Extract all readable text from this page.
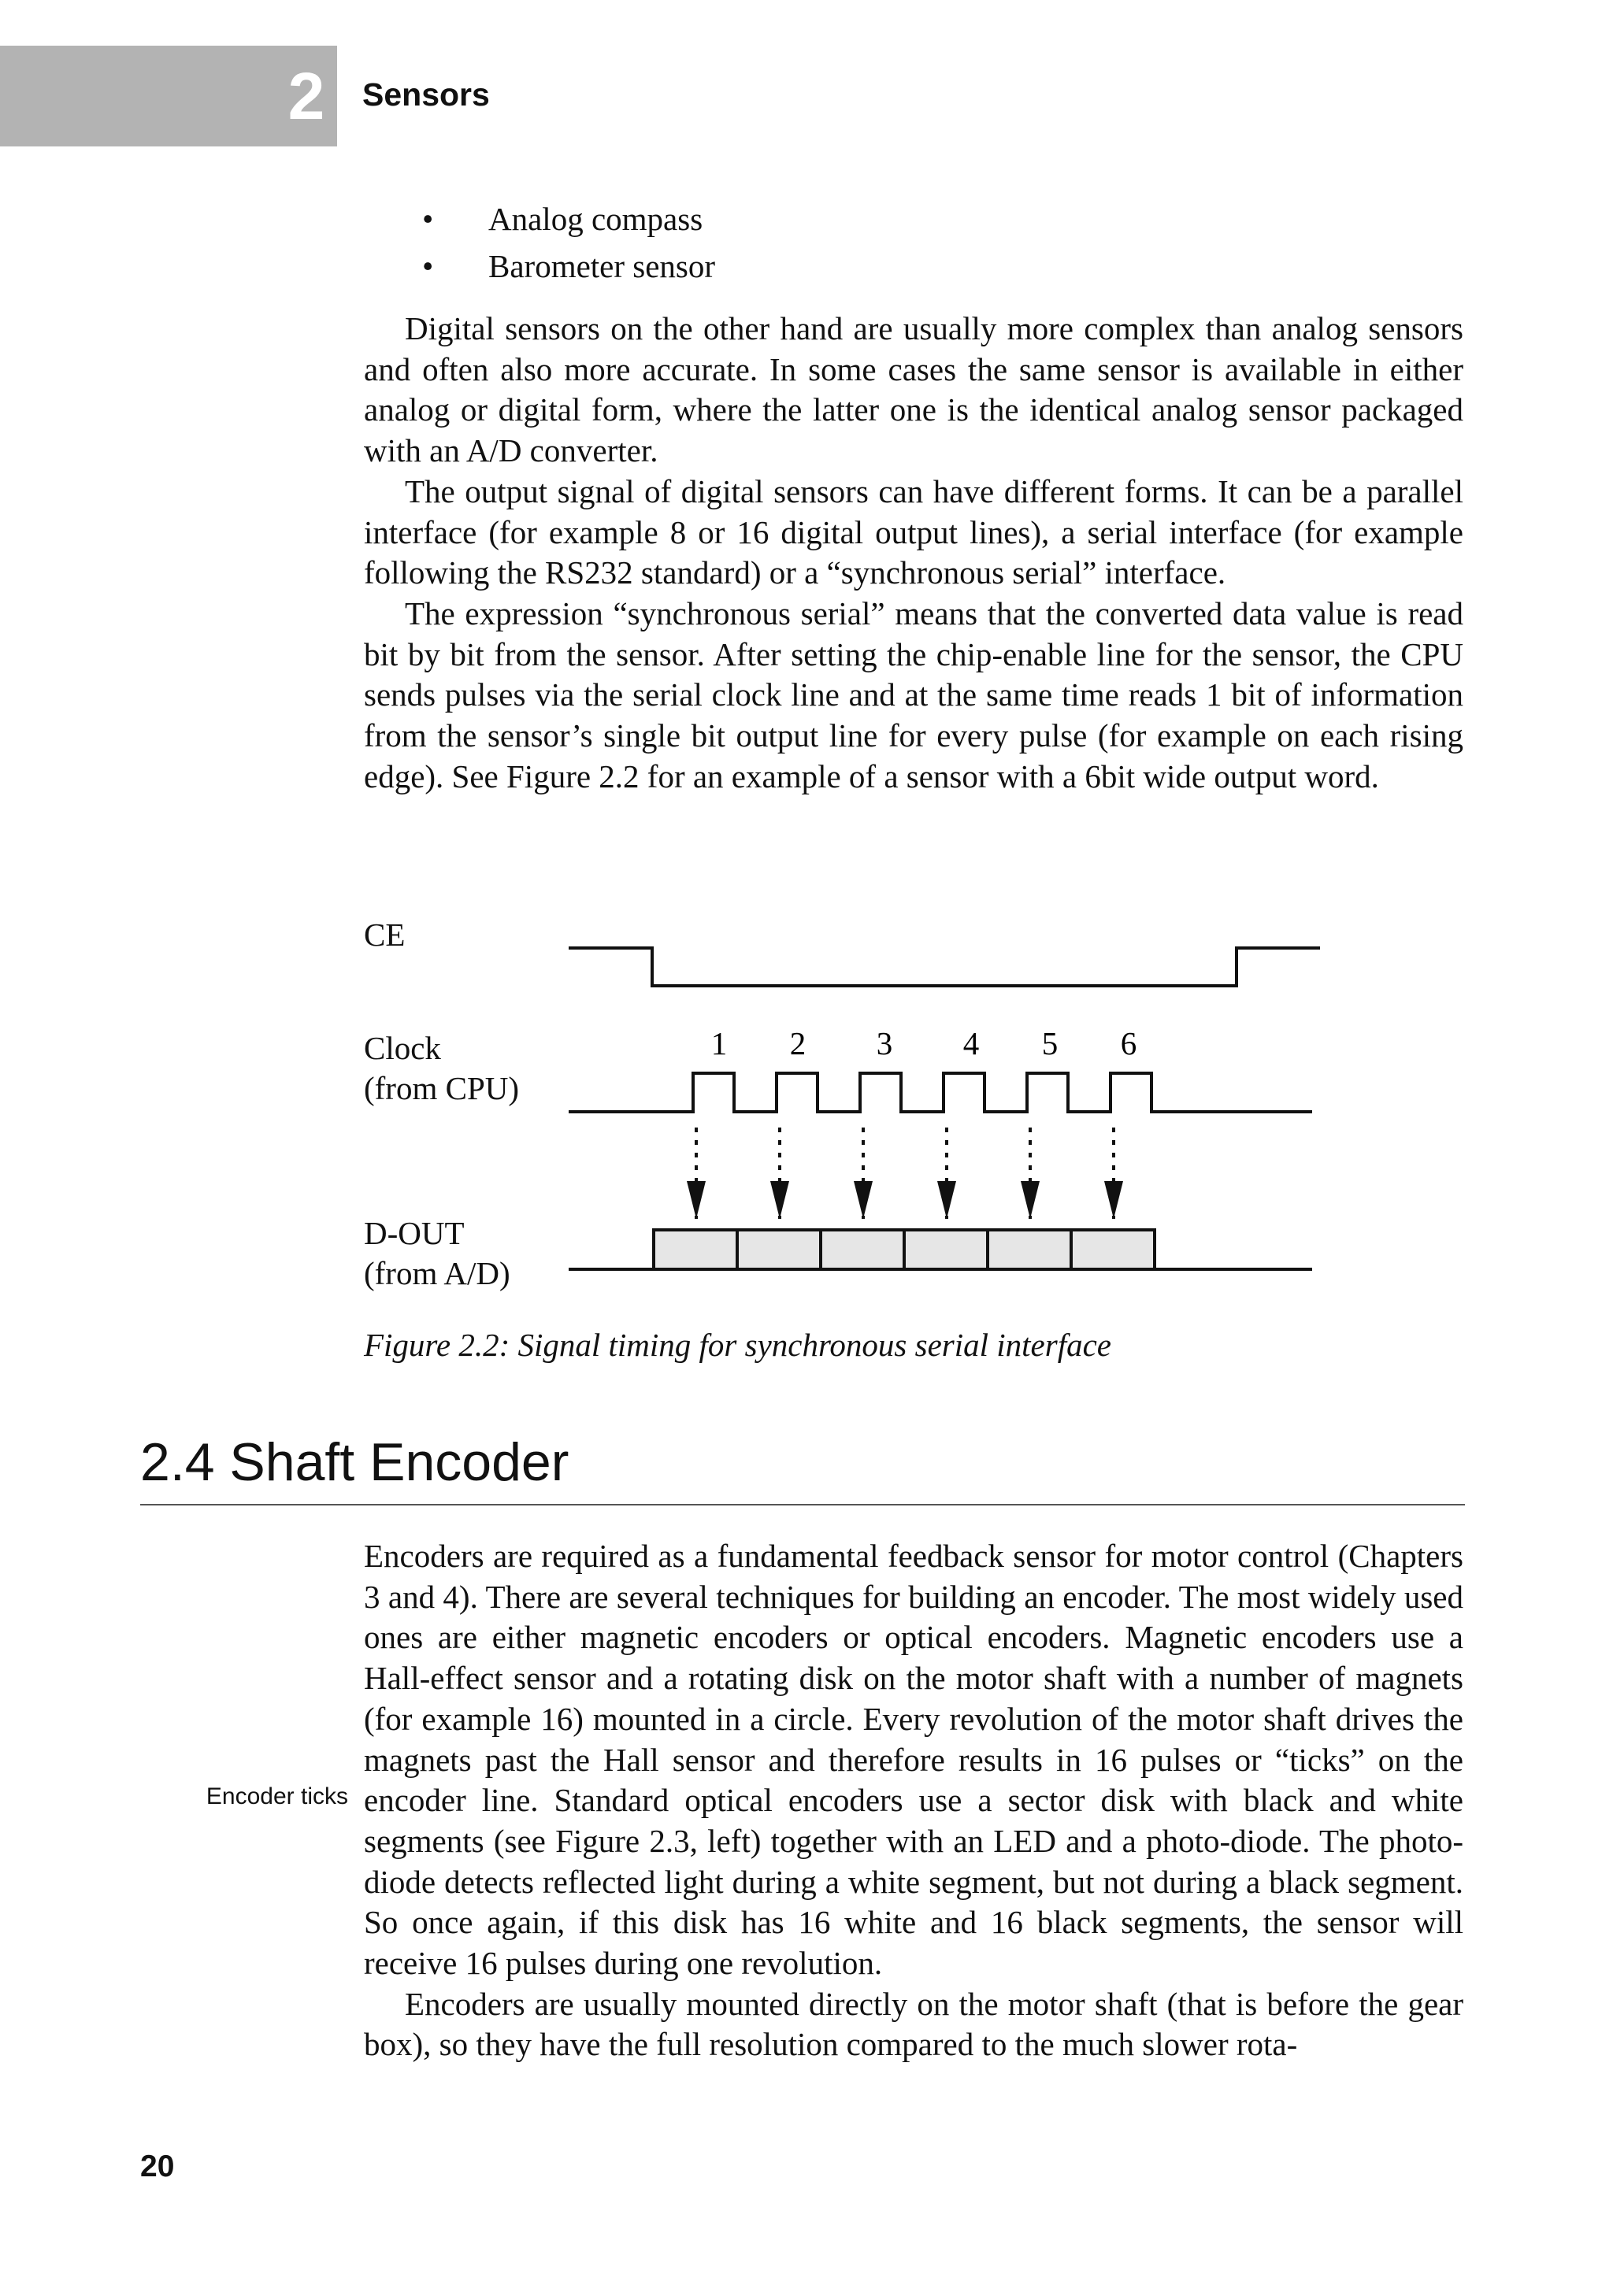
2	Sensors
• Analog compass
• Barometer sensor

Digital sensors on the other hand are usually more complex than analog sensors and often also more accurate. In some cases the same sensor is available in either analog or digital form, where the latter one is the identical analog sensor packaged with an A/D converter.

The output signal of digital sensors can have different forms. It can be a parallel interface (for example 8 or 16 digital output lines), a serial interface (for example following the RS232 standard) or a “synchronous serial” interface.

The expression “synchronous serial” means that the converted data value is read bit by bit from the sensor. After setting the chip-enable line for the sensor, the CPU sends pulses via the serial clock line and at the same time reads 1 bit of information from the sensor’s single bit output line for every pulse (for example on each rising edge). See Figure 2.2 for an example of a sensor with a 6bit wide output word.

CE
Clock
(from CPU)
D-OUT
(from A/D)
1 2 3 4 5 6
Figure 2.2: Signal timing for synchronous serial interface
2.4 Shaft Encoder
Encoder ticks

Encoders are required as a fundamental feedback sensor for motor control (Chapters 3 and 4). There are several techniques for building an encoder. The most widely used ones are either magnetic encoders or optical encoders. Magnetic encoders use a Hall-effect sensor and a rotating disk on the motor shaft with a number of magnets (for example 16) mounted in a circle. Every revolution of the motor shaft drives the magnets past the Hall sensor and therefore results in 16 pulses or “ticks” on the encoder line. Standard optical encoders use a sector disk with black and white segments (see Figure 2.3, left) together with an LED and a photo-diode. The photo-diode detects reflected light during a white segment, but not during a black segment. So once again, if this disk has 16 white and 16 black segments, the sensor will receive 16 pulses during one revolution.

Encoders are usually mounted directly on the motor shaft (that is before the gear box), so they have the full resolution compared to the much slower rota-

20
